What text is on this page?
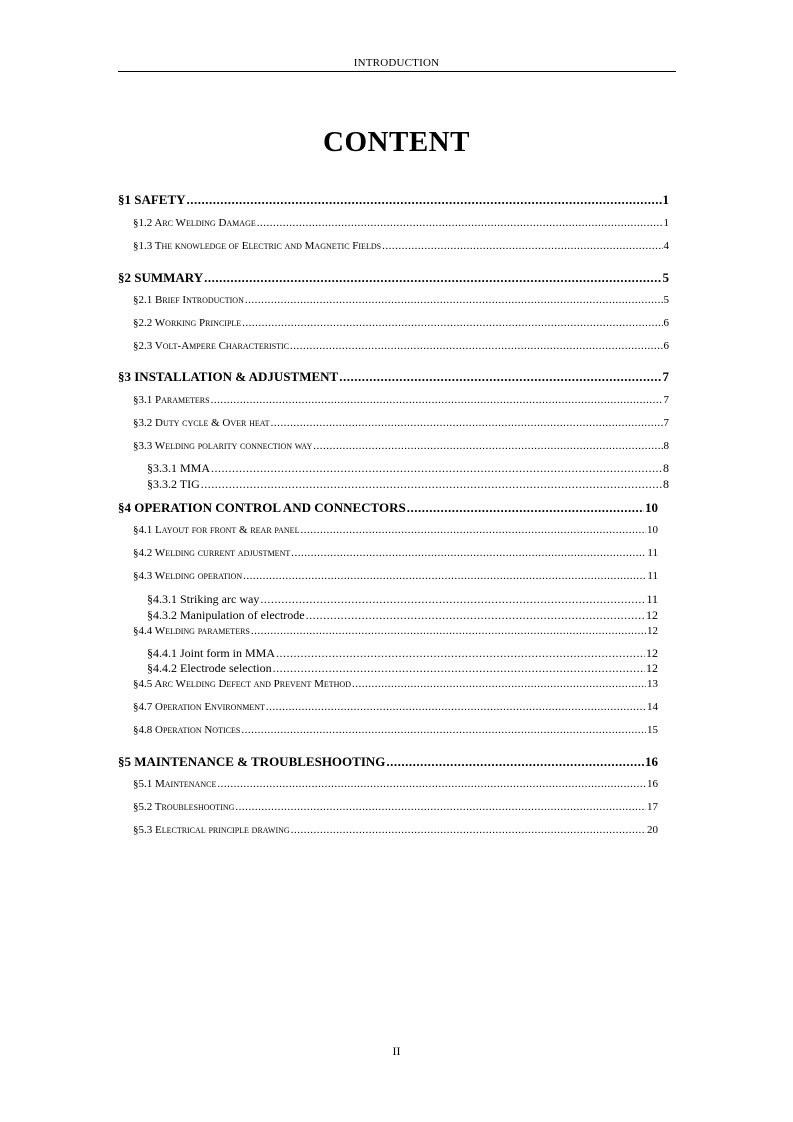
INTRODUCTION
CONTENT
§1 SAFETY .....	1
§1.2 Arc Welding Damage .....	1
§1.3 The knowledge of Electric and Magnetic Fields .....	4
§2 SUMMARY .....	5
§2.1 Brief Introduction .....	5
§2.2 Working Principle .....	6
§2.3 Volt-Ampere Characteristic .....	6
§3 INSTALLATION & ADJUSTMENT .....	7
§3.1 Parameters .....	7
§3.2 Duty cycle & Over heat .....	7
§3.3 Welding polarity connection way .....	8
§3.3.1 MMA .....	8
§3.3.2 TIG .....	8
§4 OPERATION CONTROL AND CONNECTORS .....	10
§4.1 Layout for front & rear panel .....	10
§4.2 Welding current adjustment .....	11
§4.3 Welding operation .....	11
§4.3.1 Striking arc way .....	11
§4.3.2 Manipulation of electrode .....	12
§4.4 Welding parameters .....	12
§4.4.1 Joint form in MMA .....	12
§4.4.2 Electrode selection .....	12
§4.5 Arc Welding Defect and Prevent Method .....	13
§4.7 Operation Environment .....	14
§4.8 Operation Notices .....	15
§5 MAINTENANCE & TROUBLESHOOTING .....	16
§5.1 Maintenance .....	16
§5.2 Troubleshooting .....	17
§5.3 Electrical principle drawing .....	20
II
